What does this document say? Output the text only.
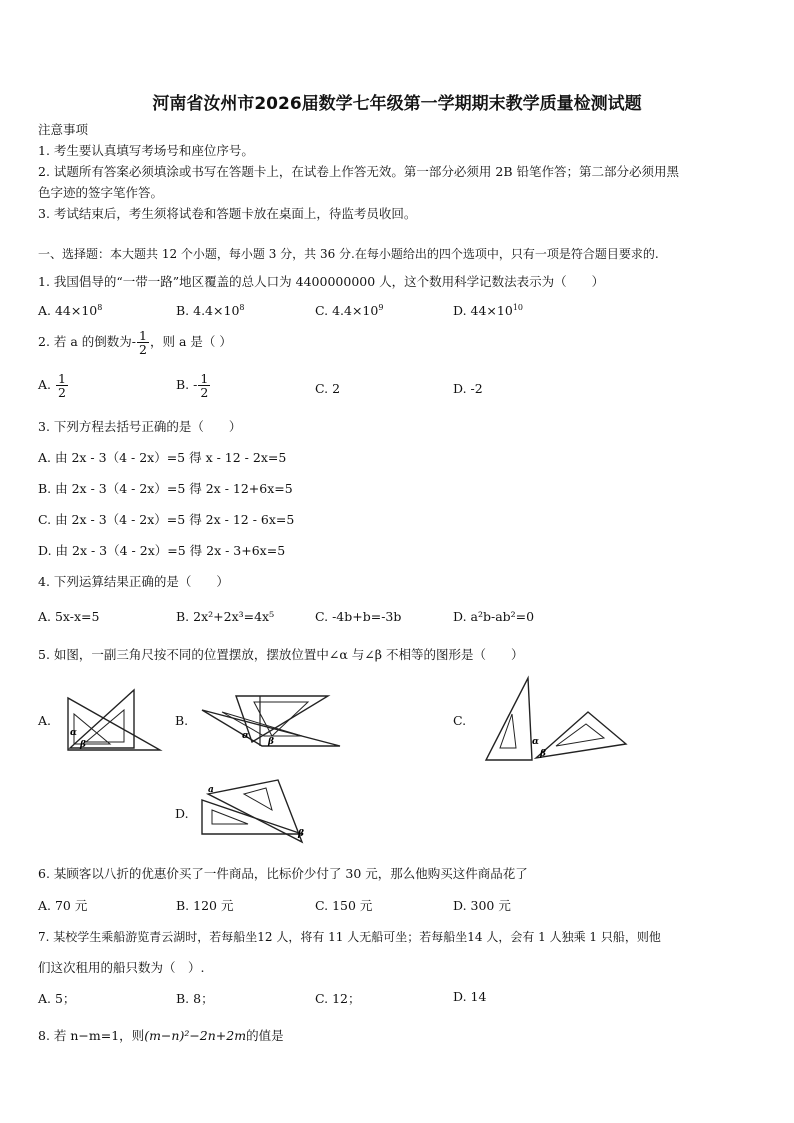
河南省汝州市2026届数学七年级第一学期期末教学质量检测试题
注意事项
1. 考生要认真填写考场号和座位序号。
2. 试题所有答案必须填涂或书写在答题卡上，在试卷上作答无效。第一部分必须用 2B 铅笔作答；第二部分必须用黑
色字迹的签字笔作答。
3. 考试结束后，考生须将试卷和答题卡放在桌面上，待监考员收回。
一、选择题：本大题共 12 个小题，每小题 3 分，共 36 分.在每小题给出的四个选项中，只有一项是符合题目要求的.
1. 我国倡导的“一带一路”地区覆盖的总人口为 4400000000 人，这个数用科学记数法表示为（　　）
A. $44\times 10^8$	B. $4.4\times 10^8$	C. $4.4\times 10^9$	D. $44\times 10^{10}$
2. 若 a 的倒数为- $\frac{1}{2}$ ，则 a 是（ ）
A. $\frac{1}{2}$	B. - $\frac{1}{2}$	C. 2	D. -2
3. 下列方程去括号正确的是（　　）
A. 由 2x - 3（4 - 2x）=5 得 x - 12 - 2x=5
B. 由 2x - 3（4 - 2x）=5 得 2x - 12+6x=5
C. 由 2x - 3（4 - 2x）=5 得 2x - 12 - 6x=5
D. 由 2x - 3（4 - 2x）=5 得 2x - 3+6x=5
4. 下列运算结果正确的是（　　）
A. 5x-x=5	B. 2x²+2x³=4x⁵	C. -4b+b=-3b	D. a²b-ab²=0
5. 如图，一副三角尺按不同的位置摆放，摆放位置中∠α 与∠β 不相等的图形是（　　）
A.
α
β
B.
α
β
C.
α
β
D.
a
β
6. 某顾客以八折的优惠价买了一件商品，比标价少付了 30 元，那么他购买这件商品花了
A. 70 元	B. 120 元	C. 150 元	D. 300 元
7. 某校学生乘船游览青云湖时，若每船坐12 人，将有 11 人无船可坐；若每船坐14 人，会有 1 人独乘 1 只船，则他
们这次租用的船只数为（　）.
A. 5；	B. 8；	C. 12；	D. 14
8. 若 n−m=1，则(m−n)²−2n+2m的值是
